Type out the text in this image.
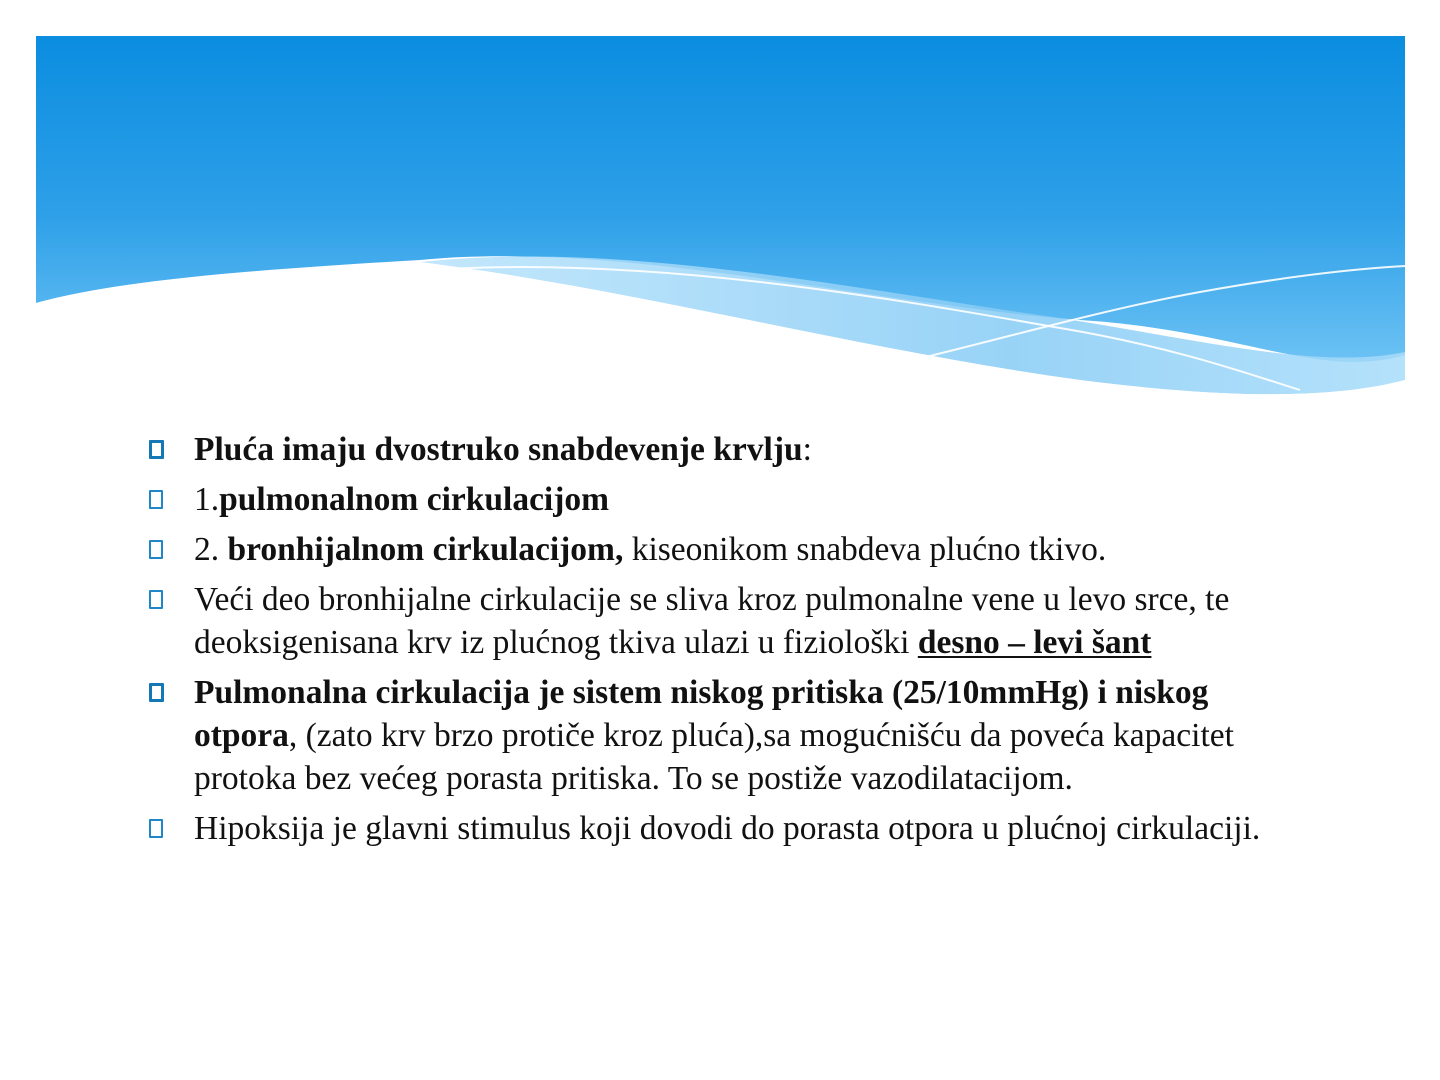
Pluća imaju dvostruko snabdevenje krvlju:
1.pulmonalnom cirkulacijom
2. bronhijalnom cirkulacijom, kiseonikom snabdeva plućno tkivo.
Veći deo bronhijalne cirkulacije se sliva kroz pulmonalne vene u levo srce, te deoksigenisana krv iz plućnog tkiva ulazi u fiziološki desno – levi šant
Pulmonalna cirkulacija je sistem niskog pritiska (25/10mmHg) i niskog otpora, (zato krv brzo protiče kroz pluća),sa mogućnišću da poveća kapacitet protoka bez većeg porasta pritiska. To se postiže vazodilatacijom.
Hipoksija je glavni stimulus koji dovodi do porasta otpora u plućnoj cirkulaciji.
